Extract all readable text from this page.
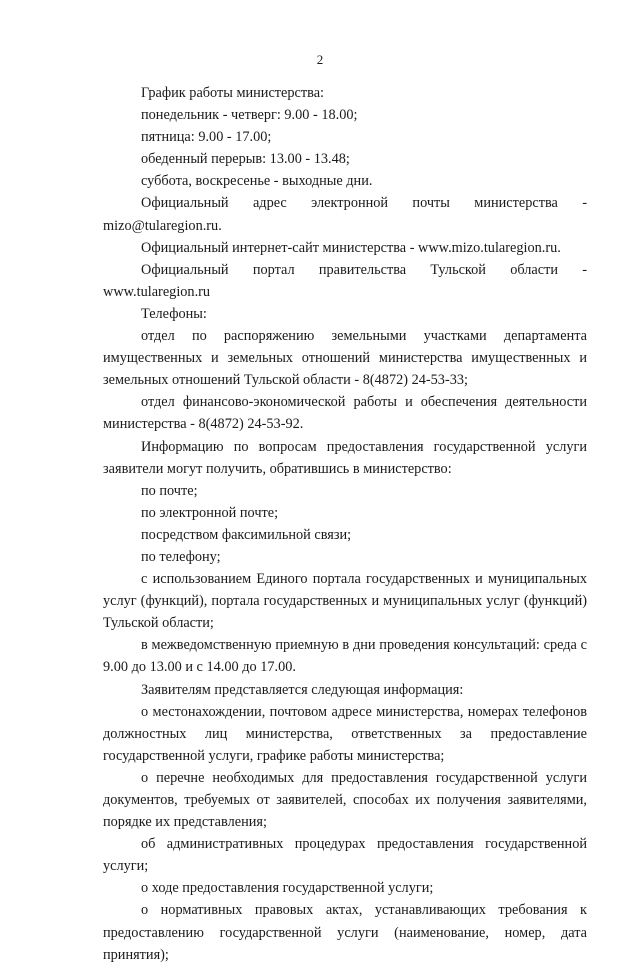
2

График работы министерства:

понедельник - четверг: 9.00 - 18.00;

пятница: 9.00 - 17.00;

обеденный перерыв: 13.00 - 13.48;

суббота, воскресенье - выходные дни.

Официальный адрес электронной почты министерства - mizo@tularegion.ru.

Официальный интернет-сайт министерства - www.mizo.tularegion.ru.

Официальный портал правительства Тульской области - www.tularegion.ru

Телефоны:

отдел по распоряжению земельными участками департамента имущественных и земельных отношений министерства имущественных и земельных отношений Тульской области - 8(4872) 24-53-33;

отдел финансово-экономической работы и обеспечения деятельности министерства - 8(4872) 24-53-92.

Информацию по вопросам предоставления государственной услуги заявители могут получить, обратившись в министерство:

по почте;

по электронной почте;

посредством факсимильной связи;

по телефону;

с использованием Единого портала государственных и муниципальных услуг (функций), портала государственных и муниципальных услуг (функций) Тульской области;

в межведомственную приемную в дни проведения консультаций: среда с 9.00 до 13.00 и с 14.00 до 17.00.

Заявителям представляется следующая информация:

о местонахождении, почтовом адресе министерства, номерах телефонов должностных лиц министерства, ответственных за предоставление государственной услуги, графике работы министерства;

о перечне необходимых для предоставления государственной услуги документов, требуемых от заявителей, способах их получения заявителями, порядке их представления;

об административных процедурах предоставления государственной услуги;

о ходе предоставления государственной услуги;

о нормативных правовых актах, устанавливающих требования к предоставлению государственной услуги (наименование, номер, дата принятия);
